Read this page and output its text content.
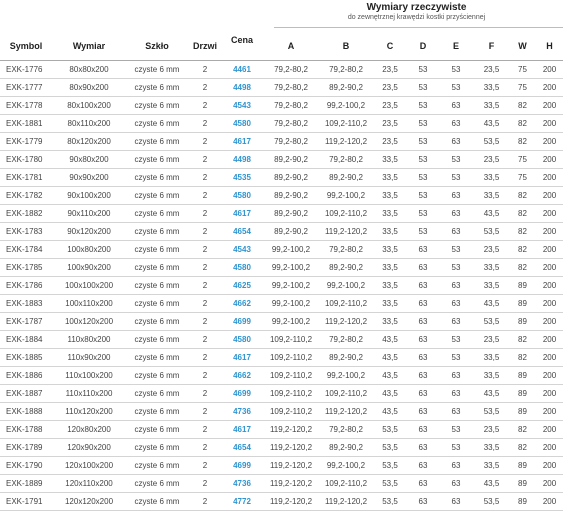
Wymiary rzeczywiste
do zewnętrznej krawędzi kostki przyściennej
Symbol	Wymiar	Szkło	Drzwi	Cena	A	B	C	D	E	F	W	H
EXK-1776	80x80x200	czyste 6 mm	2	4461	79,2-80,2	79,2-80,2	23,5	53	53	23,5	75	200
EXK-1777	80x90x200	czyste 6 mm	2	4498	79,2-80,2	89,2-90,2	23,5	53	53	33,5	75	200
EXK-1778	80x100x200	czyste 6 mm	2	4543	79,2-80,2	99,2-100,2	23,5	53	63	33,5	82	200
EXK-1881	80x110x200	czyste 6 mm	2	4580	79,2-80,2	109,2-110,2	23,5	53	63	43,5	82	200
EXK-1779	80x120x200	czyste 6 mm	2	4617	79,2-80,2	119,2-120,2	23,5	53	63	53,5	82	200
EXK-1780	90x80x200	czyste 6 mm	2	4498	89,2-90,2	79,2-80,2	33,5	53	53	23,5	75	200
EXK-1781	90x90x200	czyste 6 mm	2	4535	89,2-90,2	89,2-90,2	33,5	53	53	33,5	75	200
EXK-1782	90x100x200	czyste 6 mm	2	4580	89,2-90,2	99,2-100,2	33,5	53	63	33,5	82	200
EXK-1882	90x110x200	czyste 6 mm	2	4617	89,2-90,2	109,2-110,2	33,5	53	63	43,5	82	200
EXK-1783	90x120x200	czyste 6 mm	2	4654	89,2-90,2	119,2-120,2	33,5	53	63	53,5	82	200
EXK-1784	100x80x200	czyste 6 mm	2	4543	99,2-100,2	79,2-80,2	33,5	63	53	23,5	82	200
EXK-1785	100x90x200	czyste 6 mm	2	4580	99,2-100,2	89,2-90,2	33,5	63	53	33,5	82	200
EXK-1786	100x100x200	czyste 6 mm	2	4625	99,2-100,2	99,2-100,2	33,5	63	63	33,5	89	200
EXK-1883	100x110x200	czyste 6 mm	2	4662	99,2-100,2	109,2-110,2	33,5	63	63	43,5	89	200
EXK-1787	100x120x200	czyste 6 mm	2	4699	99,2-100,2	119,2-120,2	33,5	63	63	53,5	89	200
EXK-1884	110x80x200	czyste 6 mm	2	4580	109,2-110,2	79,2-80,2	43,5	63	53	23,5	82	200
EXK-1885	110x90x200	czyste 6 mm	2	4617	109,2-110,2	89,2-90,2	43,5	63	53	33,5	82	200
EXK-1886	110x100x200	czyste 6 mm	2	4662	109,2-110,2	99,2-100,2	43,5	63	63	33,5	89	200
EXK-1887	110x110x200	czyste 6 mm	2	4699	109,2-110,2	109,2-110,2	43,5	63	63	43,5	89	200
EXK-1888	110x120x200	czyste 6 mm	2	4736	109,2-110,2	119,2-120,2	43,5	63	63	53,5	89	200
EXK-1788	120x80x200	czyste 6 mm	2	4617	119,2-120,2	79,2-80,2	53,5	63	53	23,5	82	200
EXK-1789	120x90x200	czyste 6 mm	2	4654	119,2-120,2	89,2-90,2	53,5	63	53	33,5	82	200
EXK-1790	120x100x200	czyste 6 mm	2	4699	119,2-120,2	99,2-100,2	53,5	63	63	33,5	89	200
EXK-1889	120x110x200	czyste 6 mm	2	4736	119,2-120,2	109,2-110,2	53,5	63	63	43,5	89	200
EXK-1791	120x120x200	czyste 6 mm	2	4772	119,2-120,2	119,2-120,2	53,5	63	63	53,5	89	200
